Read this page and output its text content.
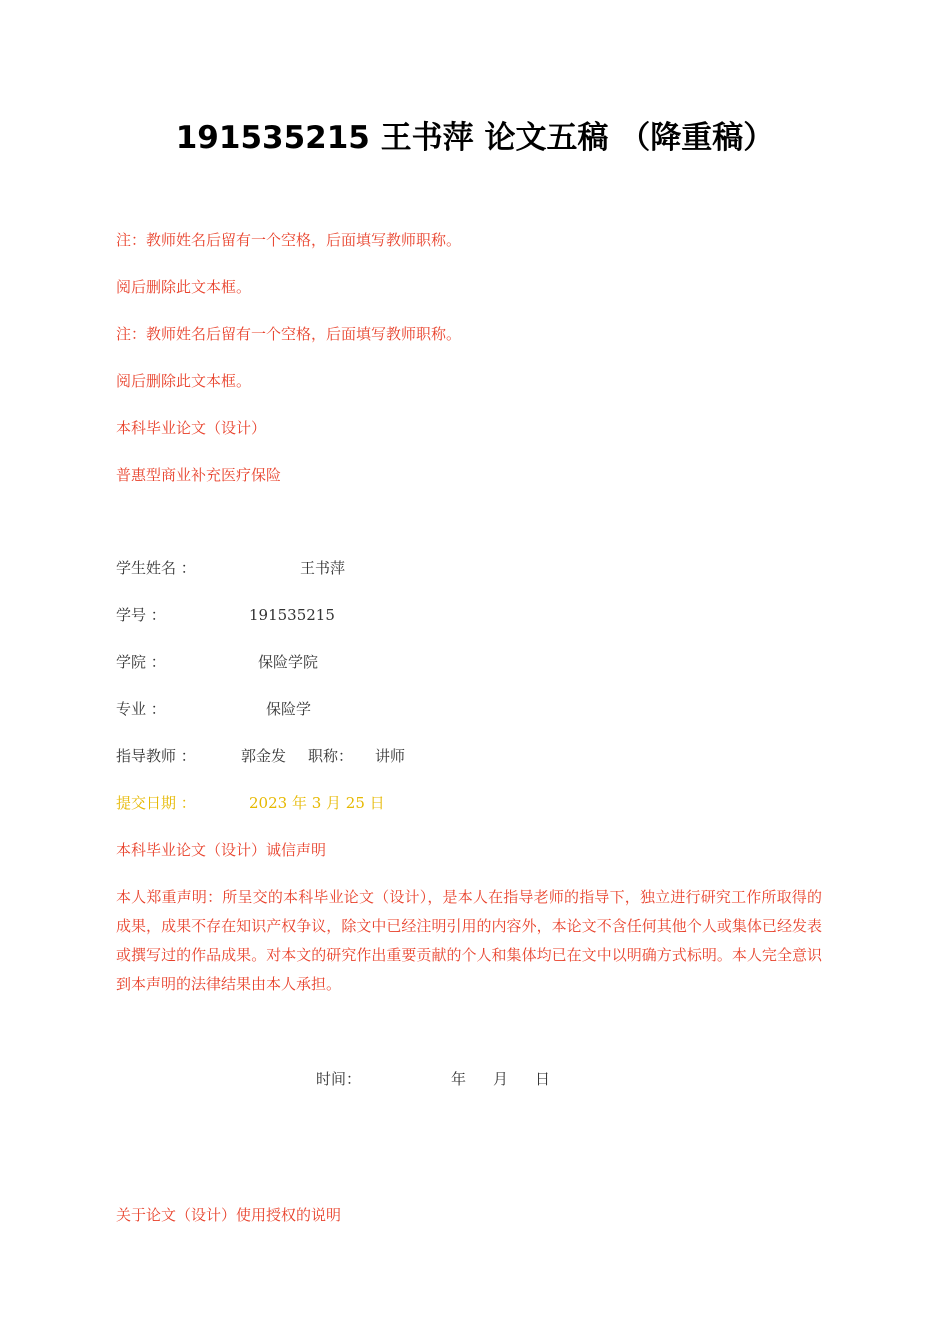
191535215 王书萍 论文五稿 （降重稿）
注：教师姓名后留有一个空格，后面填写教师职称。
阅后删除此文本框。
注：教师姓名后留有一个空格，后面填写教师职称。
阅后删除此文本框。
本科毕业论文（设计）
普惠型商业补充医疗保险
学生姓名 ：	王书萍
学号 ：	191535215
学院 ：	保险学院
专业 ：	保险学
指导教师 ：	郭金发 职称： 讲师
提交日期 ：	2023 年 3 月 25 日
本科毕业论文（设计）诚信声明
本人郑重声明：所呈交的本科毕业论文（设计），是本人在指导老师的指导下，独立进行研究工作所取得的成果，成果不存在知识产权争议，除文中已经注明引用的内容外，本论文不含任何其他个人或集体已经发表或撰写过的作品成果。对本文的研究作出重要贡献的个人和集体均已在文中以明确方式标明。本人完全意识到本声明的法律结果由本人承担。
时间：	年 月 日
关于论文（设计）使用授权的说明
